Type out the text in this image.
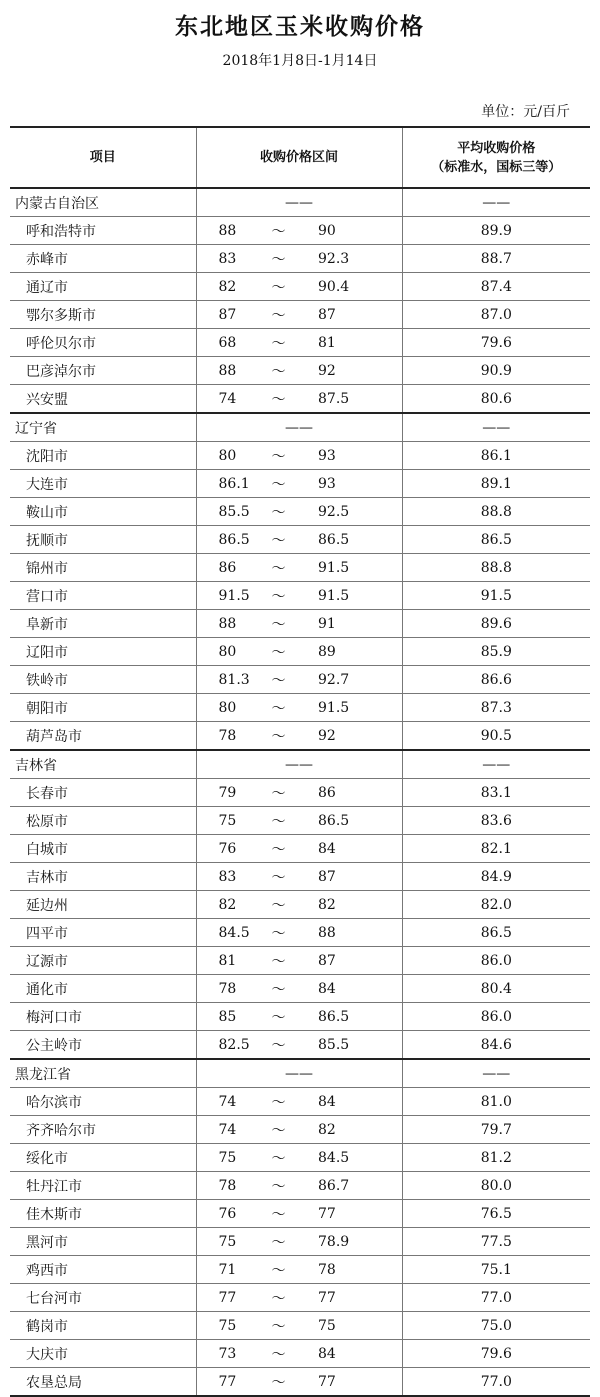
东北地区玉米收购价格
2018年1月8日-1月14日
单位：元/百斤
项目	收购价格区间			平均收购价格
（标准水，国标三等）

内蒙古自治区	——			——
呼和浩特市	88	～	90	89.9
赤峰市	83	～	92.3	88.7
通辽市	82	～	90.4	87.4
鄂尔多斯市	87	～	87	87.0
呼伦贝尔市	68	～	81	79.6
巴彦淖尔市	88	～	92	90.9
兴安盟	74	～	87.5	80.6
辽宁省	——			——
沈阳市	80	～	93	86.1
大连市	86.1	～	93	89.1
鞍山市	85.5	～	92.5	88.8
抚顺市	86.5	～	86.5	86.5
锦州市	86	～	91.5	88.8
营口市	91.5	～	91.5	91.5
阜新市	88	～	91	89.6
辽阳市	80	～	89	85.9
铁岭市	81.3	～	92.7	86.6
朝阳市	80	～	91.5	87.3
葫芦岛市	78	～	92	90.5
吉林省	——			——
长春市	79	～	86	83.1
松原市	75	～	86.5	83.6
白城市	76	～	84	82.1
吉林市	83	～	87	84.9
延边州	82	～	82	82.0
四平市	84.5	～	88	86.5
辽源市	81	～	87	86.0
通化市	78	～	84	80.4
梅河口市	85	～	86.5	86.0
公主岭市	82.5	～	85.5	84.6
黑龙江省	——			——
哈尔滨市	74	～	84	81.0
齐齐哈尔市	74	～	82	79.7
绥化市	75	～	84.5	81.2
牡丹江市	78	～	86.7	80.0
佳木斯市	76	～	77	76.5
黑河市	75	～	78.9	77.5
鸡西市	71	～	78	75.1
七台河市	77	～	77	77.0
鹤岗市	75	～	75	75.0
大庆市	73	～	84	79.6
农垦总局	77	～	77	77.0
